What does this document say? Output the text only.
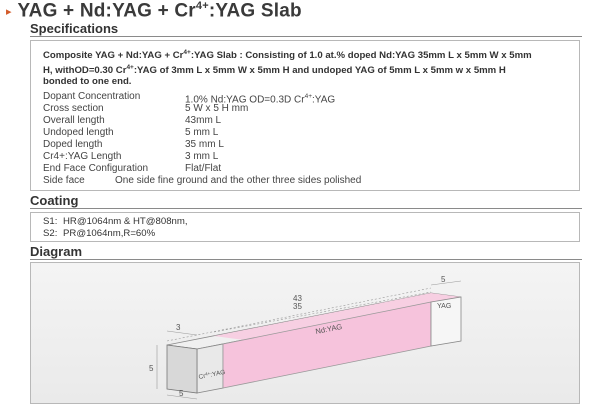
▸ YAG + Nd:YAG + $Cr^{4+}:YAG$ Slab
Specifications
Composite YAG + Nd:YAG + $Cr^{4+}:YAG$ Slab : Consisting of 1.0 at.% doped Nd:YAG 35mm L x 5mm W x 5mm
H, withOD=0.30 $Cr^{4+}:YAG$ of 3mm L x 5mm W x 5mm H and undoped YAG of 5mm L x 5mm w x 5mm H
bonded to one end.
Dopant Concentration	1.0% Nd:YAG OD=0.3D $Cr^{4+}:YAG$
Cross section	5 W x 5 H mm
Overall length	43mm L
Undoped length	5 mm L
Doped length	35 mm L
Cr4+:YAG Length	3 mm L
End Face Configuration	Flat/Flat
Side face	One side fine ground and the other three sides polished
Coating
S1: HR@1064nm & HT@808nm,
S2: PR@1064nm,R=60%
Diagram
43
35
5
3
5
5
Nd:YAG
YAG
$Cr^{4+}:YAG$
